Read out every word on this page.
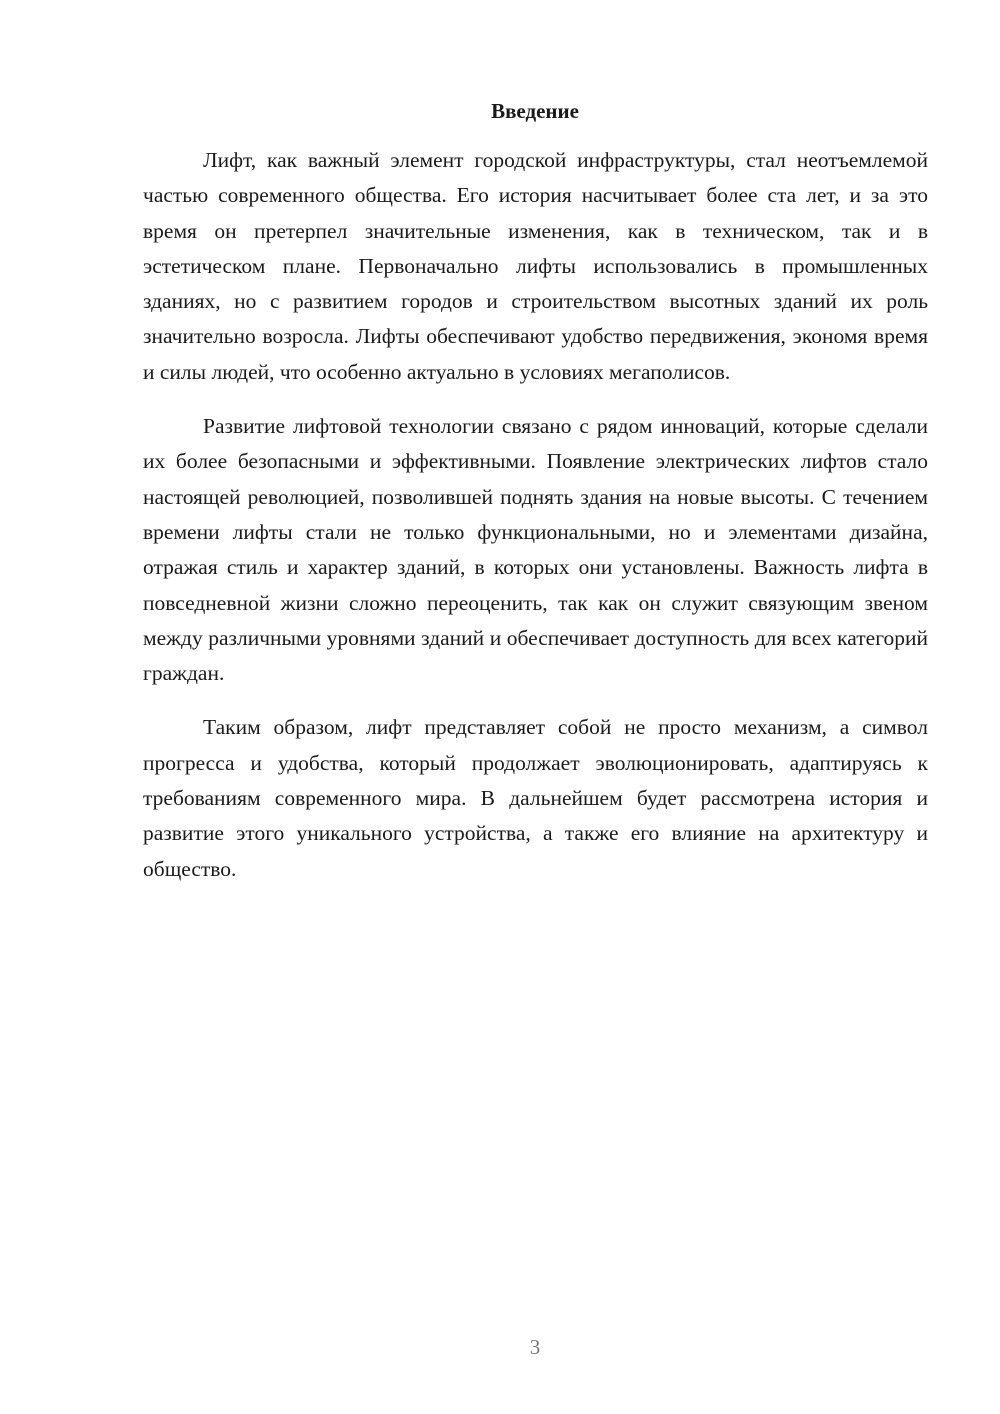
Введение

Лифт, как важный элемент городской инфраструктуры, стал неотъемлемой частью современного общества. Его история насчитывает более ста лет, и за это время он претерпел значительные изменения, как в техническом, так и в эстетическом плане. Первоначально лифты использовались в промышленных зданиях, но с развитием городов и строительством высотных зданий их роль значительно возросла. Лифты обеспечивают удобство передвижения, экономя время и силы людей, что особенно актуально в условиях мегаполисов.

Развитие лифтовой технологии связано с рядом инноваций, которые сделали их более безопасными и эффективными. Появление электрических лифтов стало настоящей революцией, позволившей поднять здания на новые высоты. С течением времени лифты стали не только функциональными, но и элементами дизайна, отражая стиль и характер зданий, в которых они установлены. Важность лифта в повседневной жизни сложно переоценить, так как он служит связующим звеном между различными уровнями зданий и обеспечивает доступность для всех категорий граждан.

Таким образом, лифт представляет собой не просто механизм, а символ прогресса и удобства, который продолжает эволюционировать, адаптируясь к требованиям современного мира. В дальнейшем будет рассмотрена история и развитие этого уникального устройства, а также его влияние на архитектуру и общество.

3
